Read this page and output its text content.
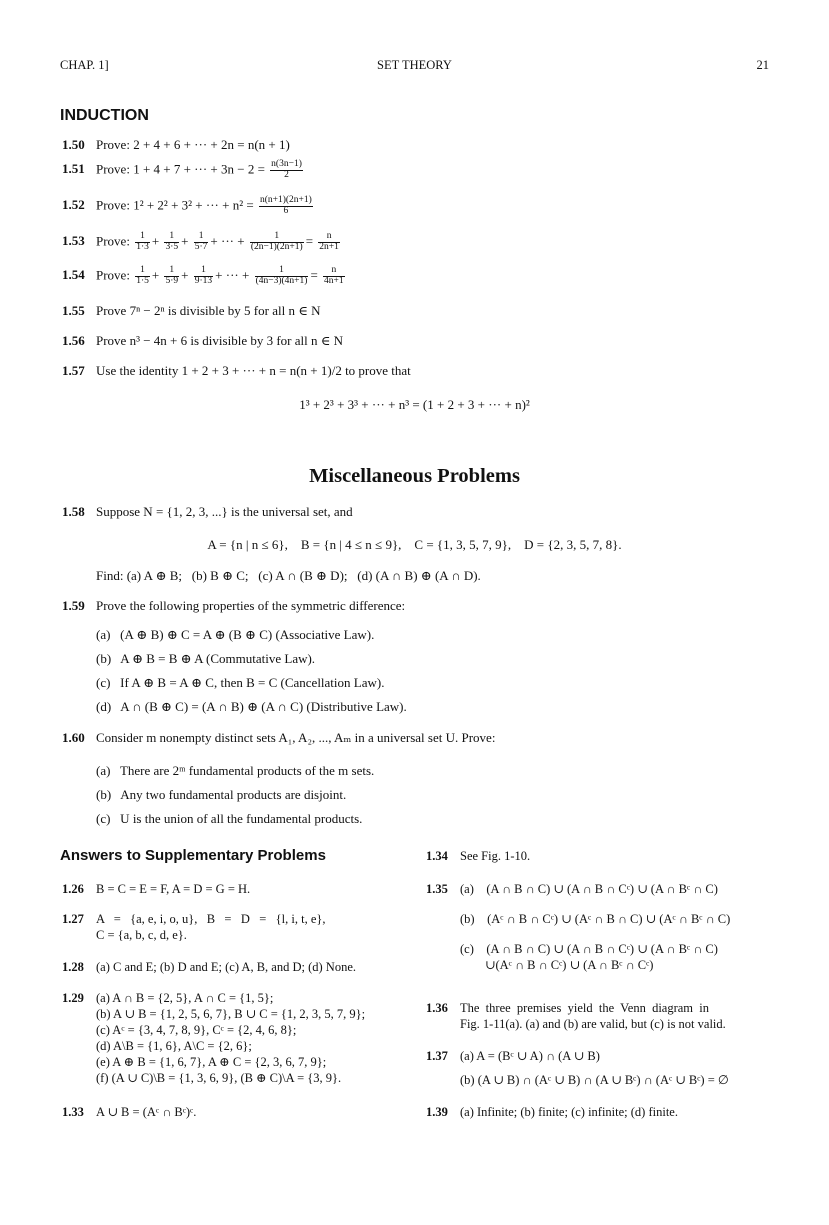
CHAP. 1]	SET THEORY	21
INDUCTION
1.50 Prove: 2 + 4 + 6 + ··· + 2n = n(n + 1)
1.51 Prove: 1 + 4 + 7 + ··· + $3n - 2 = \frac{n(3n-1)}{2}$
1.52 Prove: 1² + 2² + 3² + ··· + $n^2 = \frac{n(n+1)(2n+1)}{6}$
1.53 Prove: $\frac{1}{1\cdot 3} + \frac{1}{3\cdot 5} + \frac{1}{5\cdot 7}$ + ··· + $\frac{1}{(2n-1)(2n+1)} = \frac{n}{2n+1}$
1.54 Prove: $\frac{1}{1\cdot 5} + \frac{1}{5\cdot 9} + \frac{1}{9\cdot 13}$ + ··· + $\frac{1}{(4n-3)(4n+1)} = \frac{n}{4n+1}$
1.55 Prove 7ⁿ − 2ⁿ is divisible by 5 for all n ∈ N
1.56 Prove n³ − 4n + 6 is divisible by 3 for all n ∈ N
1.57 Use the identity 1 + 2 + 3 + ··· + n = n(n + 1)/2 to prove that
1³ + 2³ + 3³ + ··· + n³ = (1 + 2 + 3 + ··· + n)²
Miscellaneous Problems
1.58 Suppose N = {1, 2, 3, ...} is the universal set, and
A = {n | n ≤ 6},    B = {n | 4 ≤ n ≤ 9},    C = {1, 3, 5, 7, 9},    D = {2, 3, 5, 7, 8}.
Find: (a) A ⊕ B;   (b) B ⊕ C;   (c) A ∩ (B ⊕ D);   (d) (A ∩ B) ⊕ (A ∩ D).
1.59 Prove the following properties of the symmetric difference:
(a)   (A ⊕ B) ⊕ C = A ⊕ (B ⊕ C) (Associative Law).
(b)   A ⊕ B = B ⊕ A (Commutative Law).
(c)   If A ⊕ B = A ⊕ C, then B = C (Cancellation Law).
(d)   A ∩ (B ⊕ C) = (A ∩ B) ⊕ (A ∩ C) (Distributive Law).
1.60 Consider m nonempty distinct sets A₁, A₂, ..., Aₘ in a universal set U. Prove:
(a)   There are 2ᵐ fundamental products of the m sets.
(b)   Any two fundamental products are disjoint.
(c)   U is the union of all the fundamental products.
Answers to Supplementary Problems
1.26 B = C = E = F, A = D = G = H.
1.27 A   =   {a, e, i, o, u},   B   =   D   =   {l, i, t, e},
C = {a, b, c, d, e}.
1.28 (a) C and E; (b) D and E; (c) A, B, and D; (d) None.
1.29 (a) A ∩ B = {2, 5}, A ∩ C = {1, 5};
(b) A ∪ B = {1, 2, 5, 6, 7}, B ∪ C = {1, 2, 3, 5, 7, 9};
(c) Aᶜ = {3, 4, 7, 8, 9}, Cᶜ = {2, 4, 6, 8};
(d) A\B = {1, 6}, A\C = {2, 6};
(e) A ⊕ B = {1, 6, 7}, A ⊕ C = {2, 3, 6, 7, 9};
(f) (A ∪ C)\B = {1, 3, 6, 9}, (B ⊕ C)\A = {3, 9}.
1.33 A ∪ B = (Aᶜ ∩ Bᶜ)ᶜ.
1.34 See Fig. 1-10.
1.35 (a)    (A ∩ B ∩ C) ∪ (A ∩ B ∩ Cᶜ) ∪ (A ∩ Bᶜ ∩ C)
(b)    (Aᶜ ∩ B ∩ Cᶜ) ∪ (Aᶜ ∩ B ∩ C) ∪ (Aᶜ ∩ Bᶜ ∩ C)
(c)    (A ∩ B ∩ C) ∪ (A ∩ B ∩ Cᶜ) ∪ (A ∩ Bᶜ ∩ C)
∪(Aᶜ ∩ B ∩ Cᶜ) ∪ (A ∩ Bᶜ ∩ Cᶜ)
1.36 The  three  premises  yield  the  Venn  diagram  in
Fig. 1-11(a). (a) and (b) are valid, but (c) is not valid.
1.37 (a) A = (Bᶜ ∪ A) ∩ (A ∪ B)
(b) (A ∪ B) ∩ (Aᶜ ∪ B) ∩ (A ∪ Bᶜ) ∩ (Aᶜ ∪ Bᶜ) = ∅
1.39 (a) Infinite; (b) finite; (c) infinite; (d) finite.
